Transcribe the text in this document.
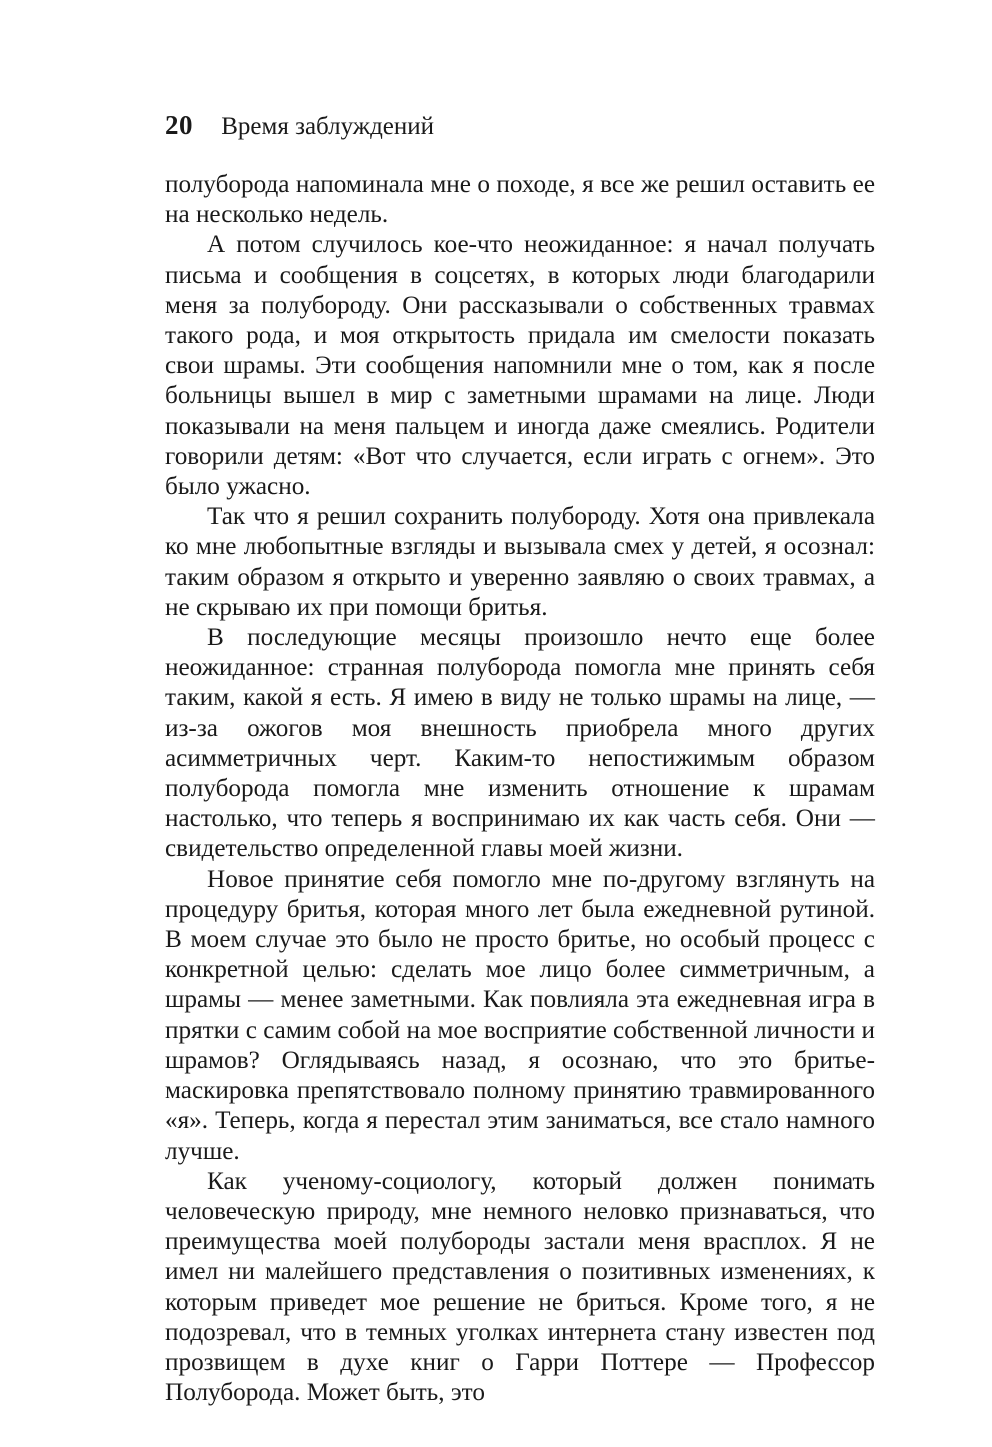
20 Время заблуждений

полуборода напоминала мне о походе, я все же решил оставить ее на несколько недель.

А потом случилось кое-что неожиданное: я начал получать письма и сообщения в соцсетях, в которых люди благодарили меня за полубороду. Они рассказывали о собственных травмах такого рода, и моя открытость придала им смелости показать свои шрамы. Эти сообщения напомнили мне о том, как я после больницы вышел в мир с заметными шрамами на лице. Люди показывали на меня пальцем и иногда даже смеялись. Родители говорили детям: «Вот что случается, если играть с огнем». Это было ужасно.

Так что я решил сохранить полубороду. Хотя она привлекала ко мне любопытные взгляды и вызывала смех у детей, я осознал: таким образом я открыто и уверенно заявляю о своих травмах, а не скрываю их при помощи бритья.

В последующие месяцы произошло нечто еще более неожиданное: странная полуборода помогла мне принять себя таким, какой я есть. Я имею в виду не только шрамы на лице, — из-за ожогов моя внешность приобрела много других асимметричных черт. Каким-то непостижимым образом полуборода помогла мне изменить отношение к шрамам настолько, что теперь я воспринимаю их как часть себя. Они — свидетельство определенной главы моей жизни.

Новое принятие себя помогло мне по-другому взглянуть на процедуру бритья, которая много лет была ежедневной рутиной. В моем случае это было не просто бритье, но особый процесс с конкретной целью: сделать мое лицо более симметричным, а шрамы — менее заметными. Как повлияла эта ежедневная игра в прятки с самим собой на мое восприятие собственной личности и шрамов? Оглядываясь назад, я осознаю, что это бритье-маскировка препятствовало полному принятию травмированного «я». Теперь, когда я перестал этим заниматься, все стало намного лучше.

Как ученому-социологу, который должен понимать человеческую природу, мне немного неловко признаваться, что преимущества моей полубороды застали меня врасплох. Я не имел ни малейшего представления о позитивных изменениях, к которым приведет мое решение не бриться. Кроме того, я не подозревал, что в темных уголках интернета стану известен под прозвищем в духе книг о Гарри Поттере — Профессор Полуборода. Может быть, это
